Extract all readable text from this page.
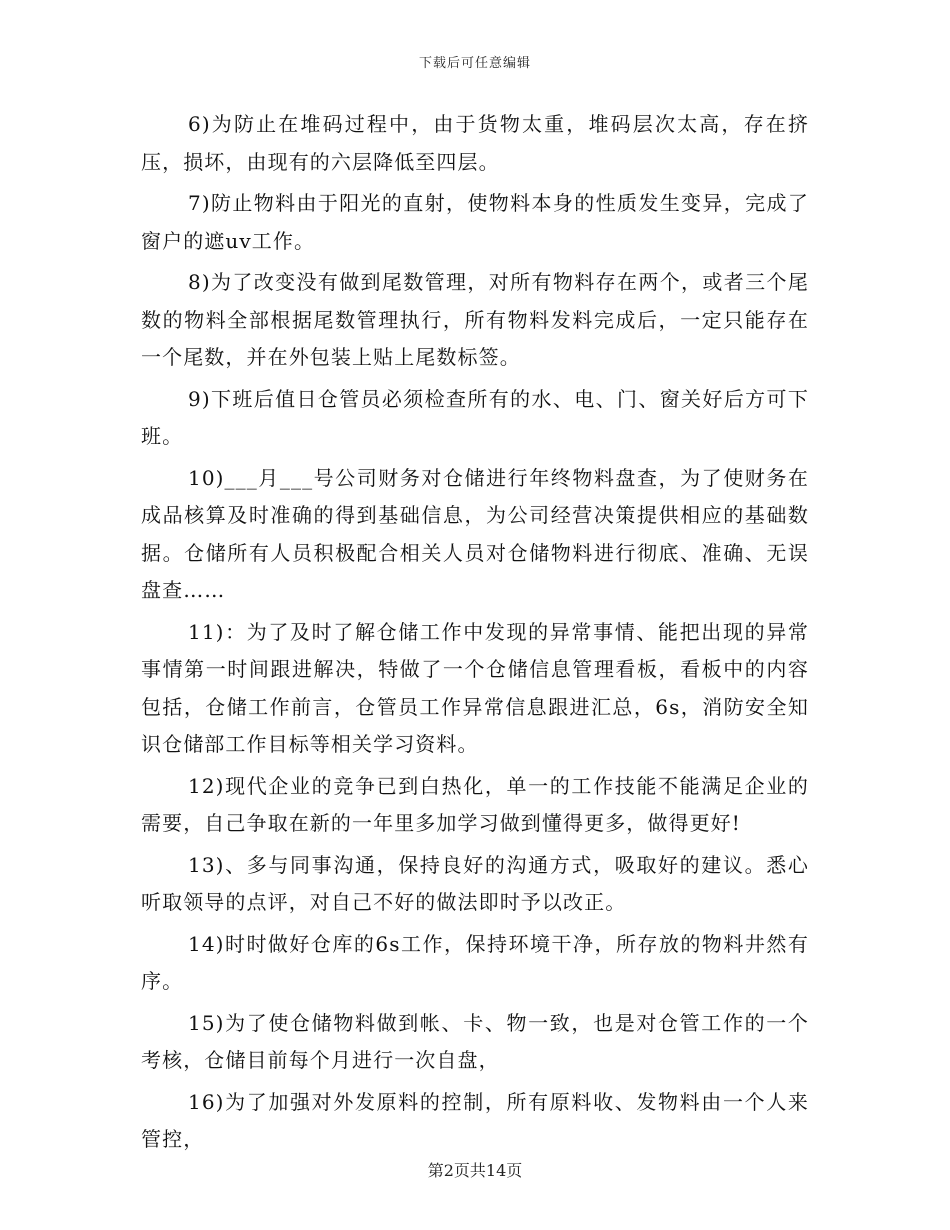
下载后可任意编辑

6)为防止在堆码过程中，由于货物太重，堆码层次太高，存在挤压，损坏，由现有的六层降低至四层。

7)防止物料由于阳光的直射，使物料本身的性质发生变异，完成了窗户的遮uv工作。

8)为了改变没有做到尾数管理，对所有物料存在两个，或者三个尾数的物料全部根据尾数管理执行，所有物料发料完成后，一定只能存在一个尾数，并在外包装上贴上尾数标签。

9)下班后值日仓管员必须检查所有的水、电、门、窗关好后方可下班。

10)___月___号公司财务对仓储进行年终物料盘查，为了使财务在成品核算及时准确的得到基础信息，为公司经营决策提供相应的基础数据。仓储所有人员积极配合相关人员对仓储物料进行彻底、准确、无误盘查……

11)：为了及时了解仓储工作中发现的异常事情、能把出现的异常事情第一时间跟进解决，特做了一个仓储信息管理看板，看板中的内容包括，仓储工作前言，仓管员工作异常信息跟进汇总，6s，消防安全知识仓储部工作目标等相关学习资料。

12)现代企业的竞争已到白热化，单一的工作技能不能满足企业的需要，自己争取在新的一年里多加学习做到懂得更多，做得更好!

13)、多与同事沟通，保持良好的沟通方式，吸取好的建议。悉心听取领导的点评，对自己不好的做法即时予以改正。

14)时时做好仓库的6s工作，保持环境干净，所存放的物料井然有序。

15)为了使仓储物料做到帐、卡、物一致，也是对仓管工作的一个考核，仓储目前每个月进行一次自盘，

16)为了加强对外发原料的控制，所有原料收、发物料由一个人来管控，

第2页共14页
